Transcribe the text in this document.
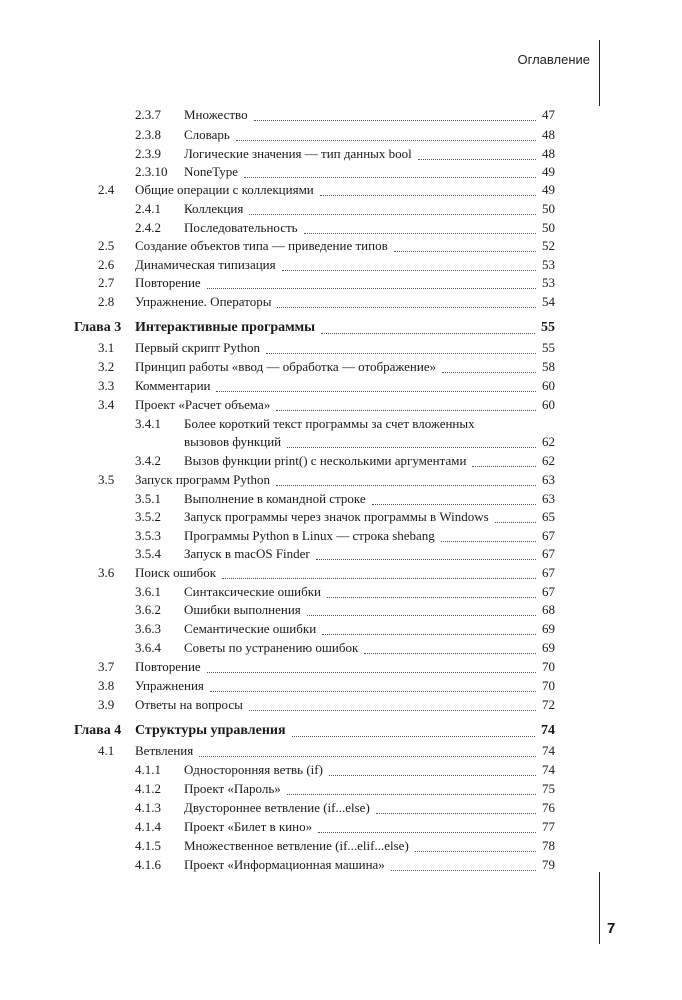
Оглавление
7
2.3.7 Множество	47
2.3.8 Словарь	48
2.3.9 Логические значения — тип данных bool	48
2.3.10 NoneType	49
2.4 Общие операции с коллекциями	49
2.4.1 Коллекция	50
2.4.2 Последовательность	50
2.5 Создание объектов типа — приведение типов	52
2.6 Динамическая типизация	53
2.7 Повторение	53
2.8 Упражнение. Операторы	54
Глава 3 Интерактивные программы	55
3.1 Первый скрипт Python	55
3.2 Принцип работы «ввод — обработка — отображение»	58
3.3 Комментарии	60
3.4 Проект «Расчет объема»	60
3.4.1 Более короткий текст программы за счет вложенных
вызовов функций	62
3.4.2 Вызов функции print() с несколькими аргументами	62
3.5 Запуск программ Python	63
3.5.1 Выполнение в командной строке	63
3.5.2 Запуск программы через значок программы в Windows	65
3.5.3 Программы Python в Linux — строка shebang	67
3.5.4 Запуск в macOS Finder	67
3.6 Поиск ошибок	67
3.6.1 Синтаксические ошибки	67
3.6.2 Ошибки выполнения	68
3.6.3 Семантические ошибки	69
3.6.4 Советы по устранению ошибок	69
3.7 Повторение	70
3.8 Упражнения	70
3.9 Ответы на вопросы	72
Глава 4 Структуры управления	74
4.1 Ветвления	74
4.1.1 Односторонняя ветвь (if)	74
4.1.2 Проект «Пароль»	75
4.1.3 Двустороннее ветвление (if...else)	76
4.1.4 Проект «Билет в кино»	77
4.1.5 Множественное ветвление (if...elif...else)	78
4.1.6 Проект «Информационная машина»	79
